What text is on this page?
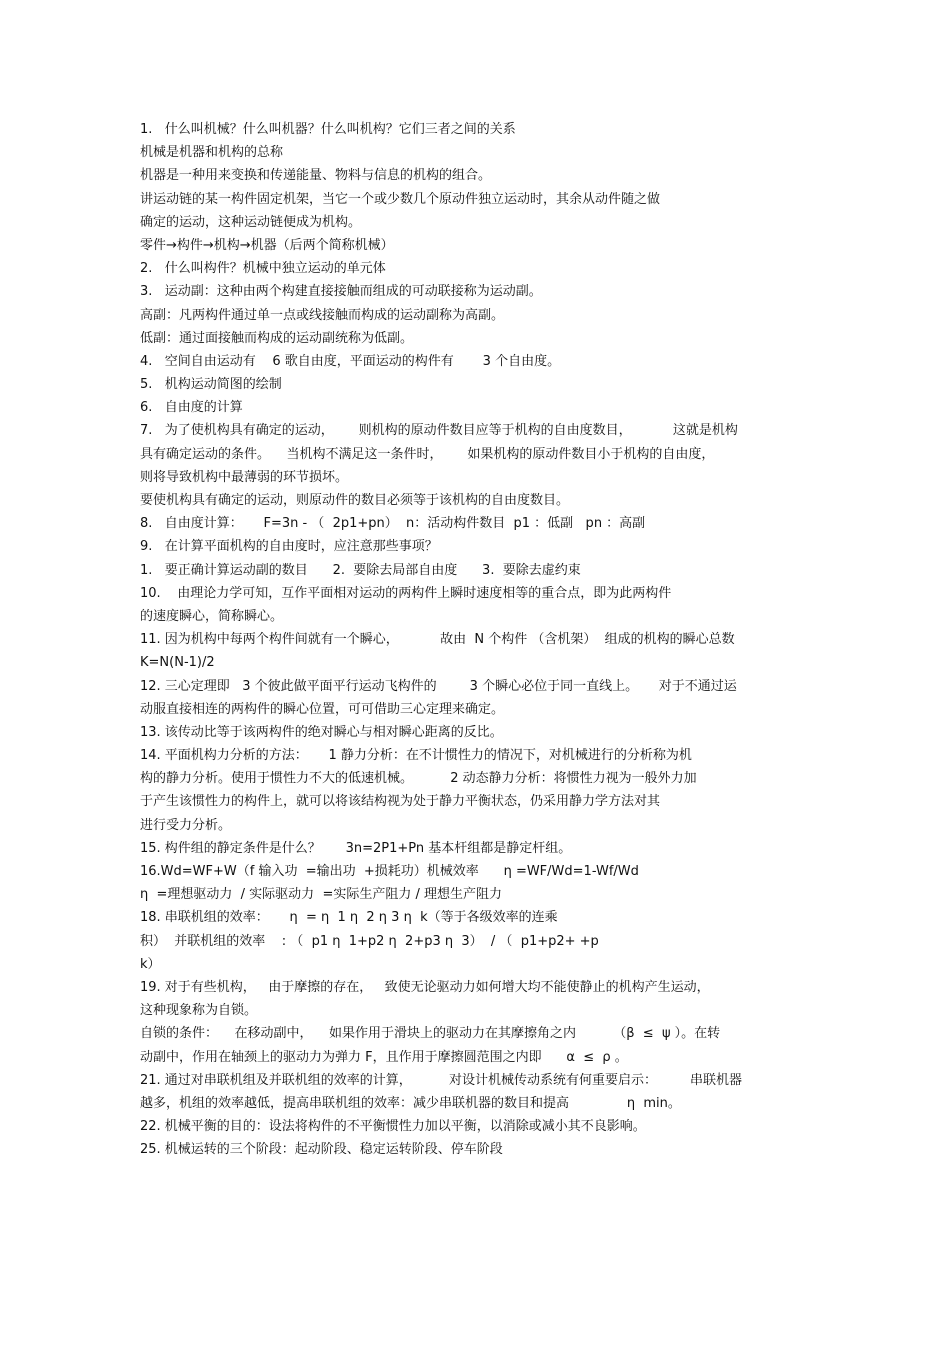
1.   什么叫机械？什么叫机器？什么叫机构？它们三者之间的关系
机械是机器和机构的总称
机器是一种用来变换和传递能量、物料与信息的机构的组合。
讲运动链的某一构件固定机架，当它一个或少数几个原动件独立运动时，其余从动件随之做
确定的运动，这种运动链便成为机构。
零件→构件→机构→机器（后两个简称机械）
2.   什么叫构件？机械中独立运动的单元体
3.   运动副：这种由两个构建直接接触而组成的可动联接称为运动副。
高副：凡两构件通过单一点或线接触而构成的运动副称为高副。
低副：通过面接触而构成的运动副统称为低副。
4.   空间自由运动有    6 歌自由度，平面运动的构件有       3 个自由度。
5.   机构运动简图的绘制
6.   自由度的计算
7.   为了使机构具有确定的运动，      则机构的原动件数目应等于机构的自由度数目，          这就是机构
具有确定运动的条件。    当机构不满足这一条件时，      如果机构的原动件数目小于机构的自由度，
则将导致机构中最薄弱的环节损坏。
要使机构具有确定的运动，则原动件的数目必须等于该机构的自由度数目。
8.   自由度计算：     F=3n - （  2p1+pn）  n：活动构件数目  p1 ：低副   pn ：高副
9.   在计算平面机构的自由度时，应注意那些事项？
1.   要正确计算运动副的数目      2.  要除去局部自由度      3.  要除去虚约束
10.    由理论力学可知，互作平面相对运动的两构件上瞬时速度相等的重合点，即为此两构件
的速度瞬心，简称瞬心。
11. 因为机构中每两个构件间就有一个瞬心，          故由  N 个构件 （含机架）  组成的机构的瞬心总数
K=N(N-1)/2
12. 三心定理即   3 个彼此做平面平行运动飞构件的        3 个瞬心必位于同一直线上。     对于不通过运
动服直接相连的两构件的瞬心位置，可可借助三心定理来确定。
13. 该传动比等于该两构件的绝对瞬心与相对瞬心距离的反比。
14. 平面机构力分析的方法：     1 静力分析：在不计惯性力的情况下，对机械进行的分析称为机
构的静力分析。使用于惯性力不大的低速机械。         2 动态静力分析：将惯性力视为一般外力加
于产生该惯性力的构件上，就可以将该结构视为处于静力平衡状态，仍采用静力学方法对其
进行受力分析。
15. 构件组的静定条件是什么？      3n=2P1+Pn 基本杆组都是静定杆组。
16.Wd=WF+W（f 输入功  =输出功  +损耗功）机械效率      η =WF/Wd=1-Wf/Wd
η  =理想驱动力  / 实际驱动力  =实际生产阻力 / 理想生产阻力
18. 串联机组的效率：     η  = η  1 η  2 η 3 η  k（等于各级效率的连乘
积）  并联机组的效率    : （  p1 η  1+p2 η  2+p3 η  3）  / （  p1+p2+ +p
k）
19. 对于有些机构，   由于摩擦的存在，   致使无论驱动力如何增大均不能使静止的机构产生运动，
这种现象称为自锁。
自锁的条件：    在移动副中，    如果作用于滑块上的驱动力在其摩擦角之内         （β  ≤  ψ ）。在转
动副中，作用在轴颈上的驱动力为弹力 F，且作用于摩擦圆范围之内即      α  ≤  ρ 。
21. 通过对串联机组及并联机组的效率的计算，         对设计机械传动系统有何重要启示：        串联机器
越多，机组的效率越低，提高串联机组的效率：减少串联机器的数目和提高              η  min。
22. 机械平衡的目的：设法将构件的不平衡惯性力加以平衡，以消除或减小其不良影响。
25. 机械运转的三个阶段：起动阶段、稳定运转阶段、停车阶段
